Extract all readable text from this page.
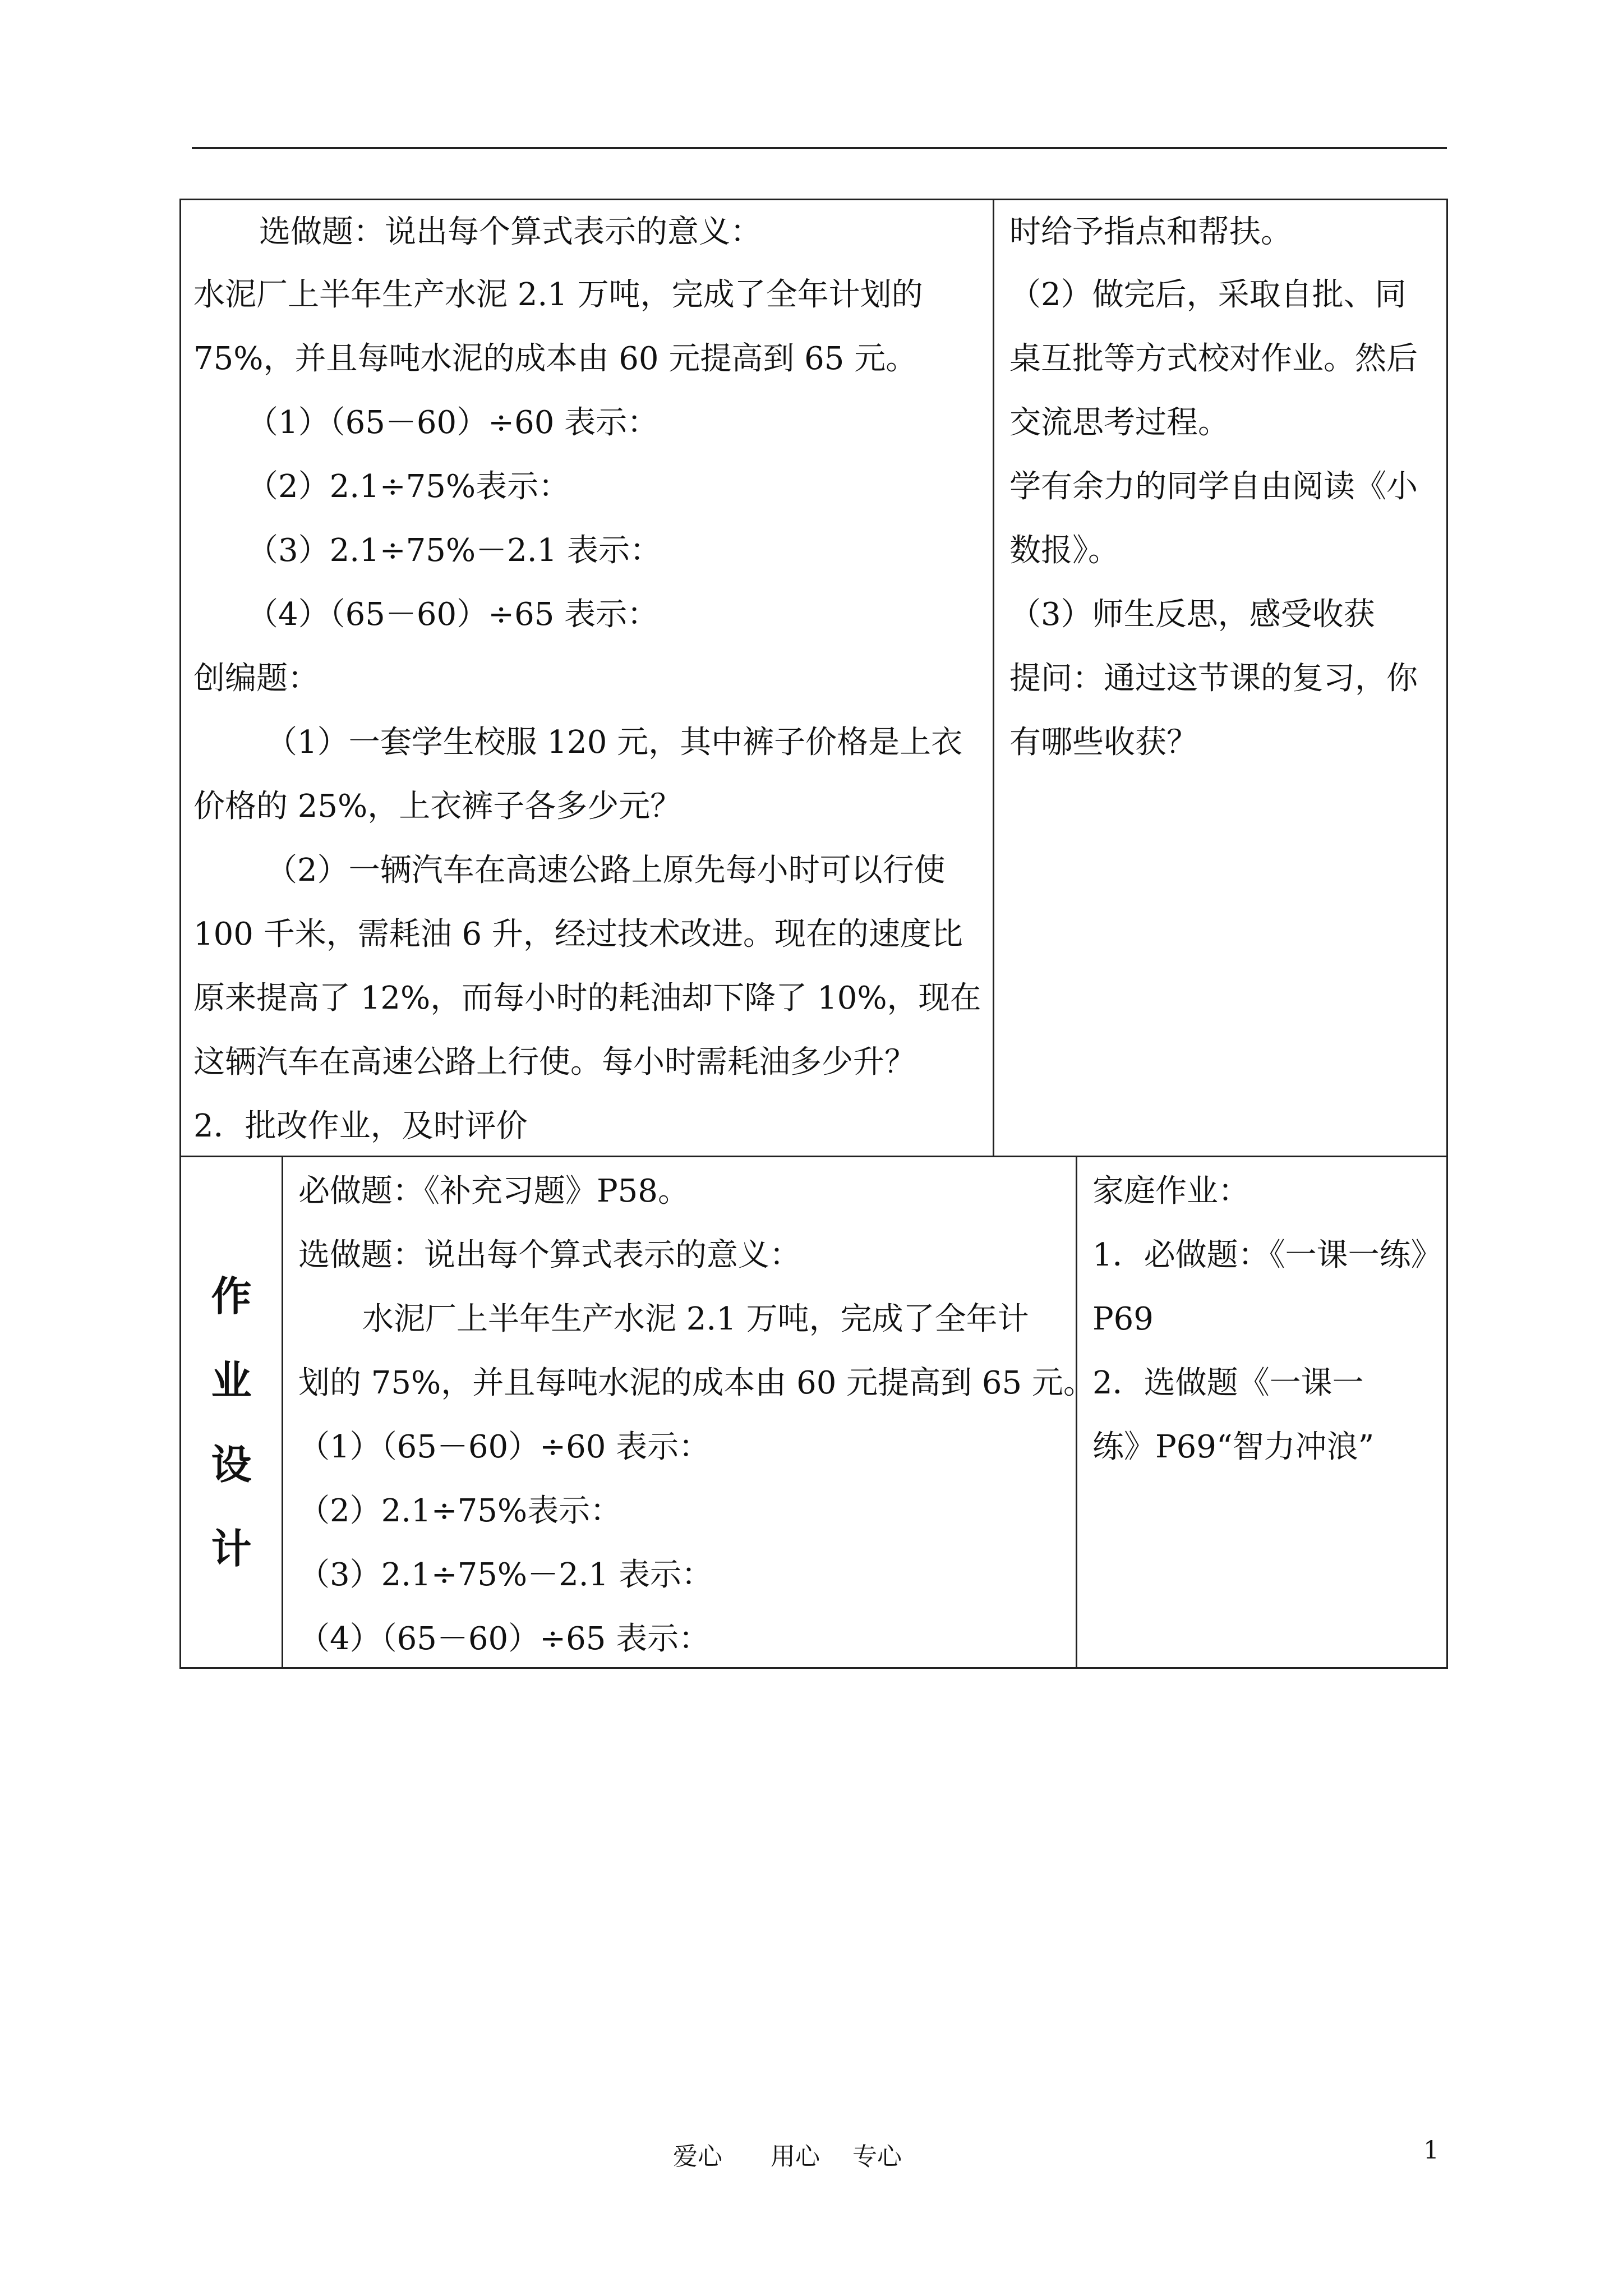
选做题：说出每个算式表示的意义：
水泥厂上半年生产水泥 2.1 万吨，完成了全年计划的
75%，并且每吨水泥的成本由 60 元提高到 65 元。
（1）（65－60）÷60 表示：
（2）2.1÷75%表示：
（3）2.1÷75%－2.1 表示：
（4）（65－60）÷65 表示：
创编题：
（1）一套学生校服 120 元，其中裤子价格是上衣
价格的 25%，上衣裤子各多少元？
（2）一辆汽车在高速公路上原先每小时可以行使
100 千米，需耗油 6 升，经过技术改进。现在的速度比
原来提高了 12%，而每小时的耗油却下降了 10%，现在
这辆汽车在高速公路上行使。每小时需耗油多少升？
2．批改作业，及时评价
时给予指点和帮扶。
（2）做完后，采取自批、同
桌互批等方式校对作业。然后
交流思考过程。
学有余力的同学自由阅读《小
数报》。
（3）师生反思，感受收获
提问：通过这节课的复习，你
有哪些收获？
作
业
设
计
必做题：《补充习题》P58。
选做题：说出每个算式表示的意义：
水泥厂上半年生产水泥 2.1 万吨，完成了全年计
划的 75%，并且每吨水泥的成本由 60 元提高到 65 元。
（1）（65－60）÷60 表示：
（2）2.1÷75%表示：
（3）2.1÷75%－2.1 表示：
（4）（65－60）÷65 表示：
家庭作业：
1．必做题：《一课一练》
P69
2．选做题《一课一
练》P69“智力冲浪”
爱心 用心 专心	1
